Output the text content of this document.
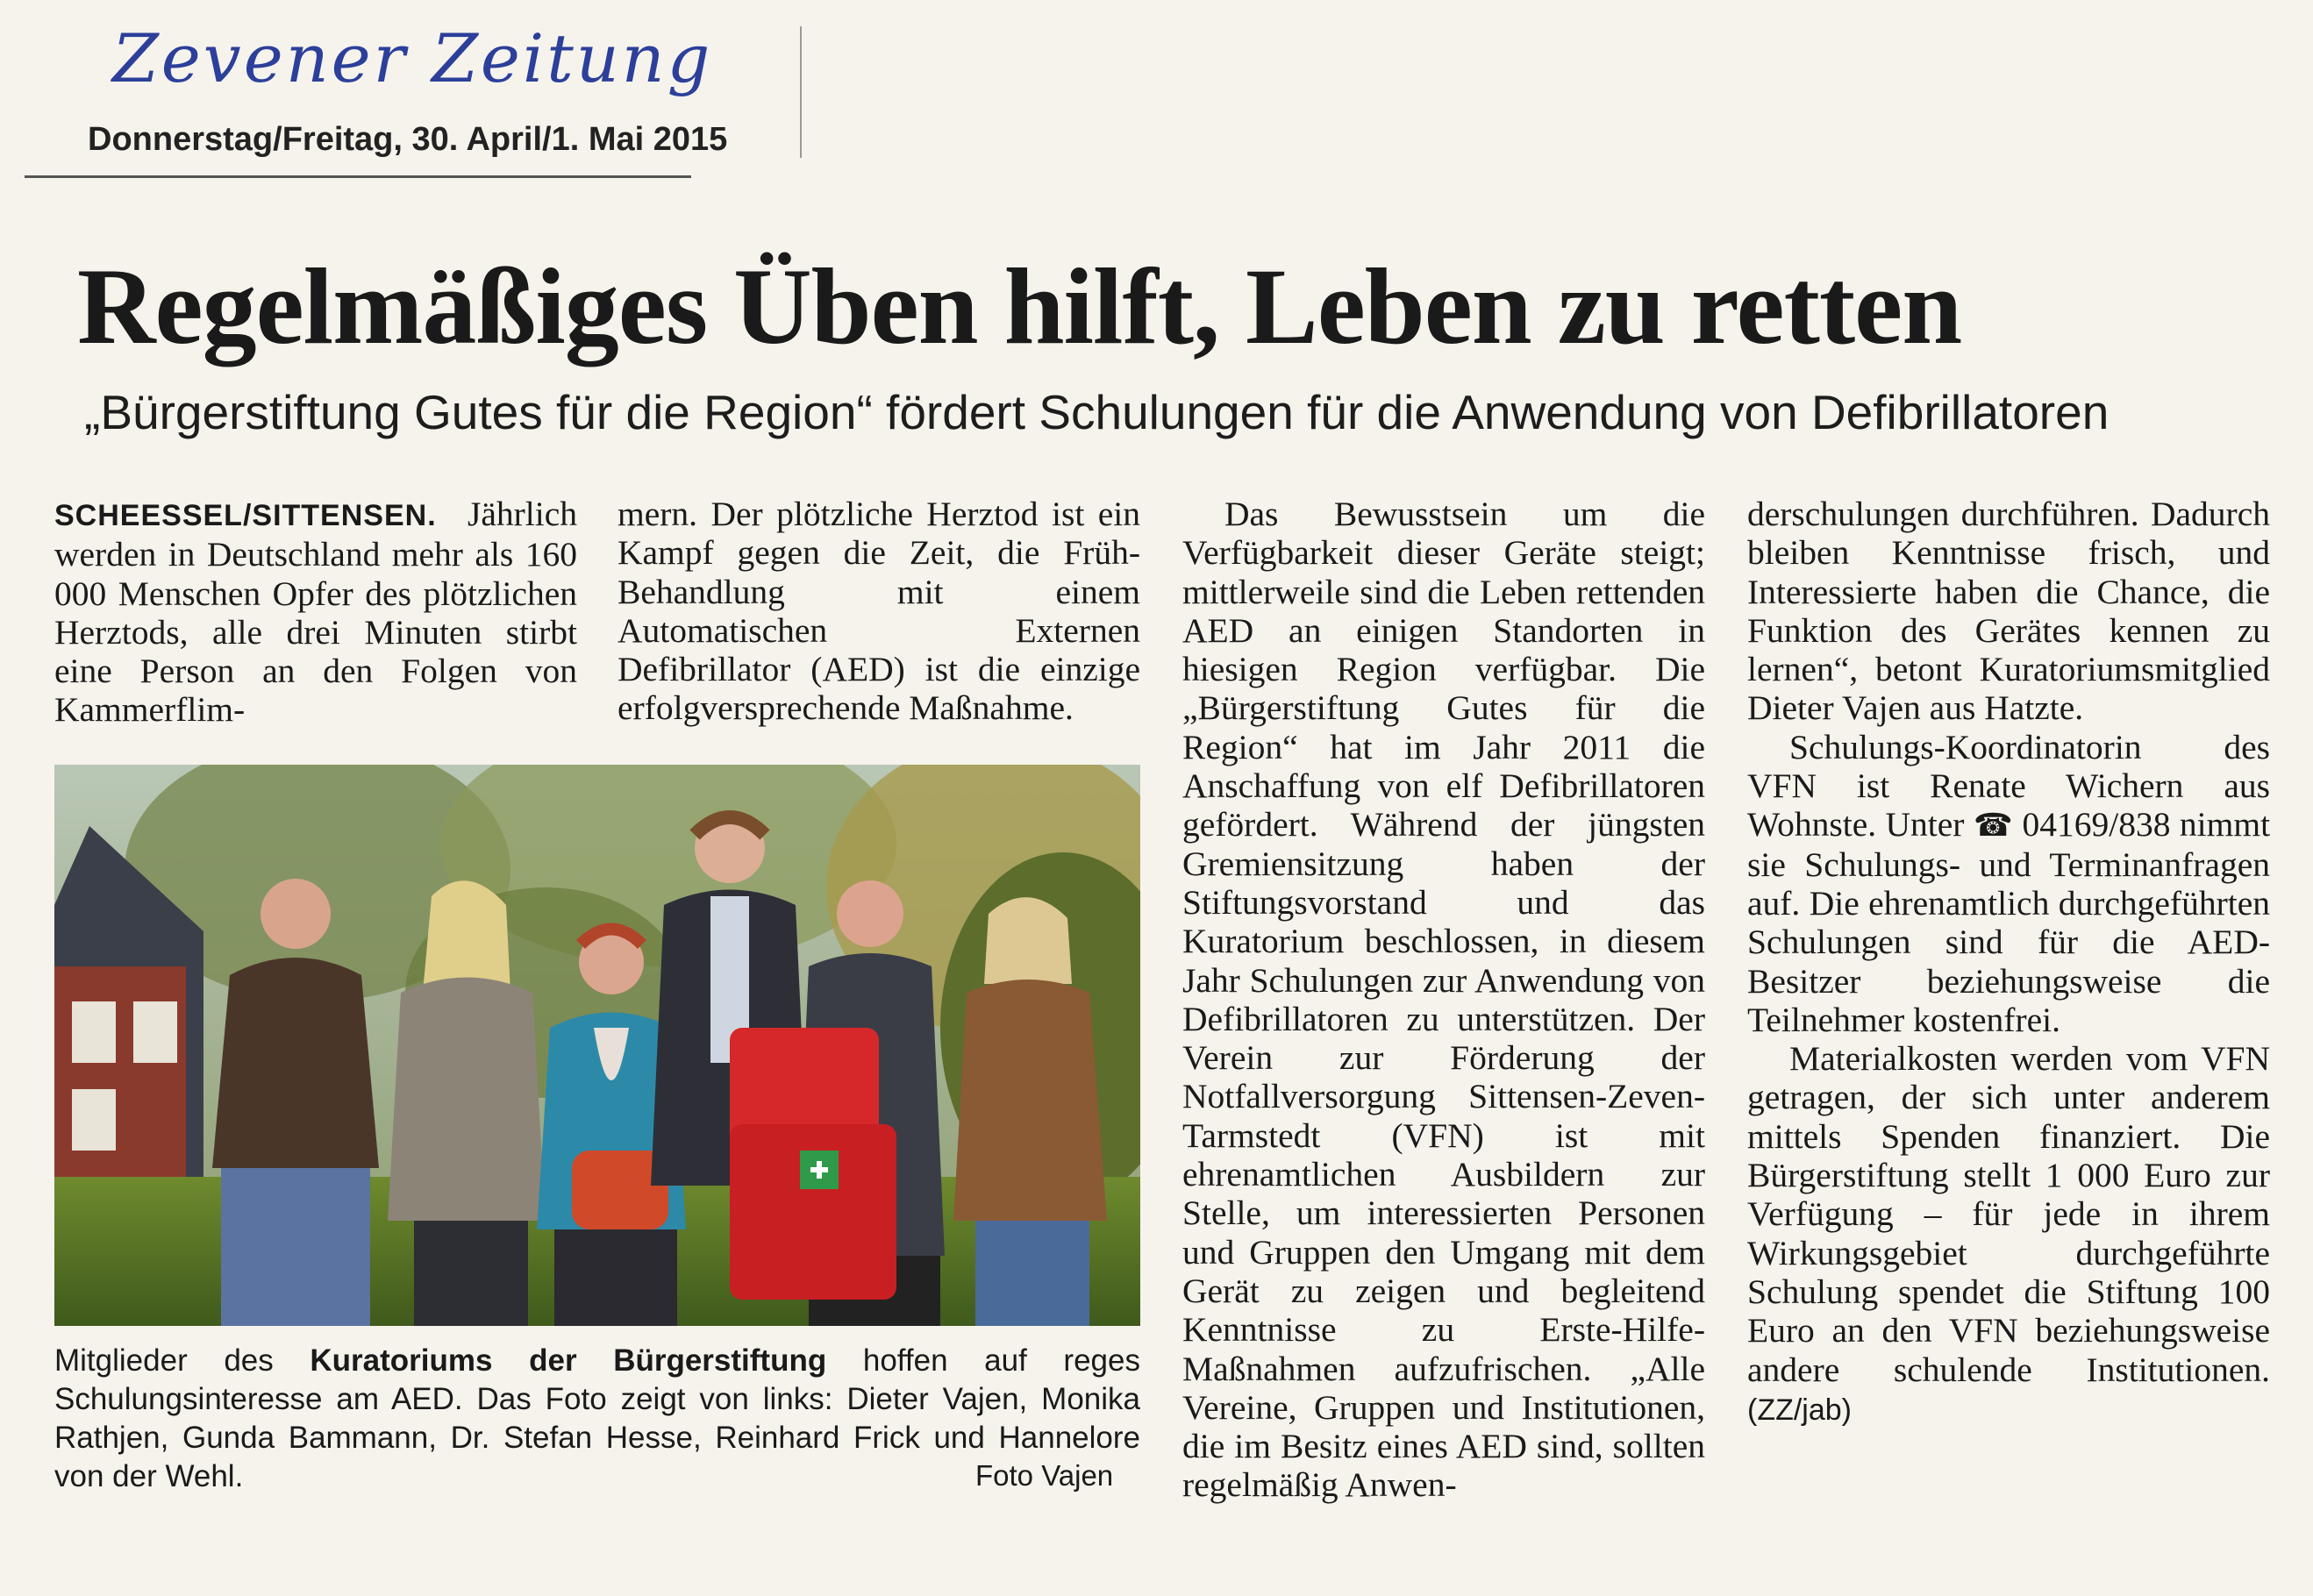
Zevener Zeitung
Donnerstag/Freitag, 30. April/1. Mai 2015
Regelmäßiges Üben hilft, Leben zu retten
„Bürgerstiftung Gutes für die Region“ fördert Schulungen für die Anwendung von Defibrillatoren

SCHEESSEL/SITTENSEN. Jährlich werden in Deutschland mehr als 160 000 Menschen Opfer des plötzlichen Herztods, alle drei Minuten stirbt eine Person an den Folgen von Kammerflim-

mern. Der plötzliche Herztod ist ein Kampf gegen die Zeit, die Früh-Behandlung mit einem Automatischen Externen Defibrillator (AED) ist die einzige erfolgversprechende Maßnahme.

Mitglieder des Kuratoriums der Bürgerstiftung hoffen auf reges Schulungsinteresse am AED. Das Foto zeigt von links: Dieter Vajen, Monika Rathjen, Gunda Bammann, Dr. Stefan Hesse, Reinhard Frick und Hannelore von der Wehl.	Foto Vajen

Das Bewusstsein um die Verfügbarkeit dieser Geräte steigt; mittlerweile sind die Leben rettenden AED an einigen Standorten in hiesigen Region verfügbar. Die „Bürgerstiftung Gutes für die Region“ hat im Jahr 2011 die Anschaffung von elf Defibrillatoren gefördert. Während der jüngsten Gremiensitzung haben der Stiftungsvorstand und das Kuratorium beschlossen, in diesem Jahr Schulungen zur Anwendung von Defibrillatoren zu unterstützen. Der Verein zur Förderung der Notfallversorgung Sittensen-Zeven-Tarmstedt (VFN) ist mit ehrenamtlichen Ausbildern zur Stelle, um interessierten Personen und Gruppen den Umgang mit dem Gerät zu zeigen und begleitend Kenntnisse zu Erste-Hilfe-Maßnahmen aufzufrischen. „Alle Vereine, Gruppen und Institutionen, die im Besitz eines AED sind, sollten regelmäßig Anwen-

derschulungen durchführen. Dadurch bleiben Kenntnisse frisch, und Interessierte haben die Chance, die Funktion des Gerätes kennen zu lernen“, betont Kuratoriumsmitglied Dieter Vajen aus Hatzte.

Schulungs-Koordinatorin des VFN ist Renate Wichern aus Wohnste. Unter ☎ 04169/838 nimmt sie Schulungs- und Terminanfragen auf. Die ehrenamtlich durchgeführten Schulungen sind für die AED-Besitzer beziehungsweise die Teilnehmer kostenfrei.

Materialkosten werden vom VFN getragen, der sich unter anderem mittels Spenden finanziert. Die Bürgerstiftung stellt 1 000 Euro zur Verfügung – für jede in ihrem Wirkungsgebiet durchgeführte Schulung spendet die Stiftung 100 Euro an den VFN beziehungsweise andere schulende Institutionen. (ZZ/jab)
